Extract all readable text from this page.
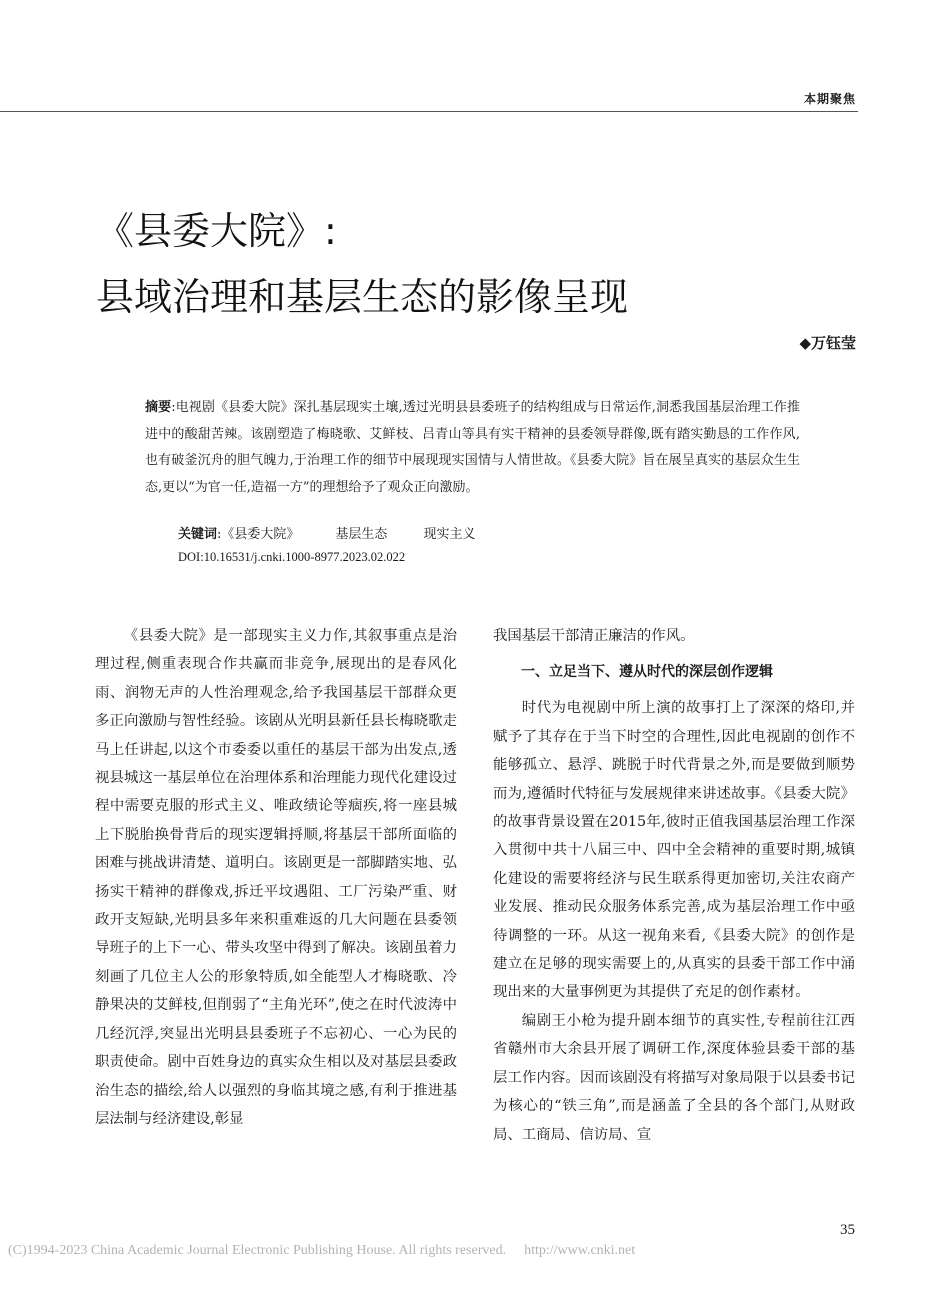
本期聚焦
《县委大院》:
县域治理和基层生态的影像呈现
◆万钰莹
摘要:电视剧《县委大院》深扎基层现实土壤,透过光明县县委班子的结构组成与日常运作,洞悉我国基层治理工作推进中的酸甜苦辣。该剧塑造了梅晓歌、艾鲜枝、吕青山等具有实干精神的县委领导群像,既有踏实勤恳的工作作风,也有破釜沉舟的胆气魄力,于治理工作的细节中展现现实国情与人情世故。《县委大院》旨在展呈真实的基层众生生态,更以“为官一任,造福一方”的理想给予了观众正向激励。
关键词:《县委大院》	基层生态	现实主义
DOI:10.16531/j.cnki.1000-8977.2023.02.022

《县委大院》是一部现实主义力作,其叙事重点是治理过程,侧重表现合作共赢而非竞争,展现出的是春风化雨、润物无声的人性治理观念,给予我国基层干部群众更多正向激励与智性经验。该剧从光明县新任县长梅晓歌走马上任讲起,以这个市委委以重任的基层干部为出发点,透视县城这一基层单位在治理体系和治理能力现代化建设过程中需要克服的形式主义、唯政绩论等痼疾,将一座县城上下脱胎换骨背后的现实逻辑捋顺,将基层干部所面临的困难与挑战讲清楚、道明白。该剧更是一部脚踏实地、弘扬实干精神的群像戏,拆迁平坟遇阻、工厂污染严重、财政开支短缺,光明县多年来积重难返的几大问题在县委领导班子的上下一心、带头攻坚中得到了解决。该剧虽着力刻画了几位主人公的形象特质,如全能型人才梅晓歌、冷静果决的艾鲜枝,但削弱了“主角光环”,使之在时代波涛中几经沉浮,突显出光明县县委班子不忘初心、一心为民的职责使命。剧中百姓身边的真实众生相以及对基层县委政治生态的描绘,给人以强烈的身临其境之感,有利于推进基层法制与经济建设,彰显

我国基层干部清正廉洁的作风。

一、立足当下、遵从时代的深层创作逻辑

时代为电视剧中所上演的故事打上了深深的烙印,并赋予了其存在于当下时空的合理性,因此电视剧的创作不能够孤立、悬浮、跳脱于时代背景之外,而是要做到顺势而为,遵循时代特征与发展规律来讲述故事。《县委大院》的故事背景设置在2015年,彼时正值我国基层治理工作深入贯彻中共十八届三中、四中全会精神的重要时期,城镇化建设的需要将经济与民生联系得更加密切,关注农商产业发展、推动民众服务体系完善,成为基层治理工作中亟待调整的一环。从这一视角来看,《县委大院》的创作是建立在足够的现实需要上的,从真实的县委干部工作中涌现出来的大量事例更为其提供了充足的创作素材。

编剧王小枪为提升剧本细节的真实性,专程前往江西省赣州市大余县开展了调研工作,深度体验县委干部的基层工作内容。因而该剧没有将描写对象局限于以县委书记为核心的“铁三角”,而是涵盖了全县的各个部门,从财政局、工商局、信访局、宣

35
(C)1994-2023 China Academic Journal Electronic Publishing House. All rights reserved. http://www.cnki.net
